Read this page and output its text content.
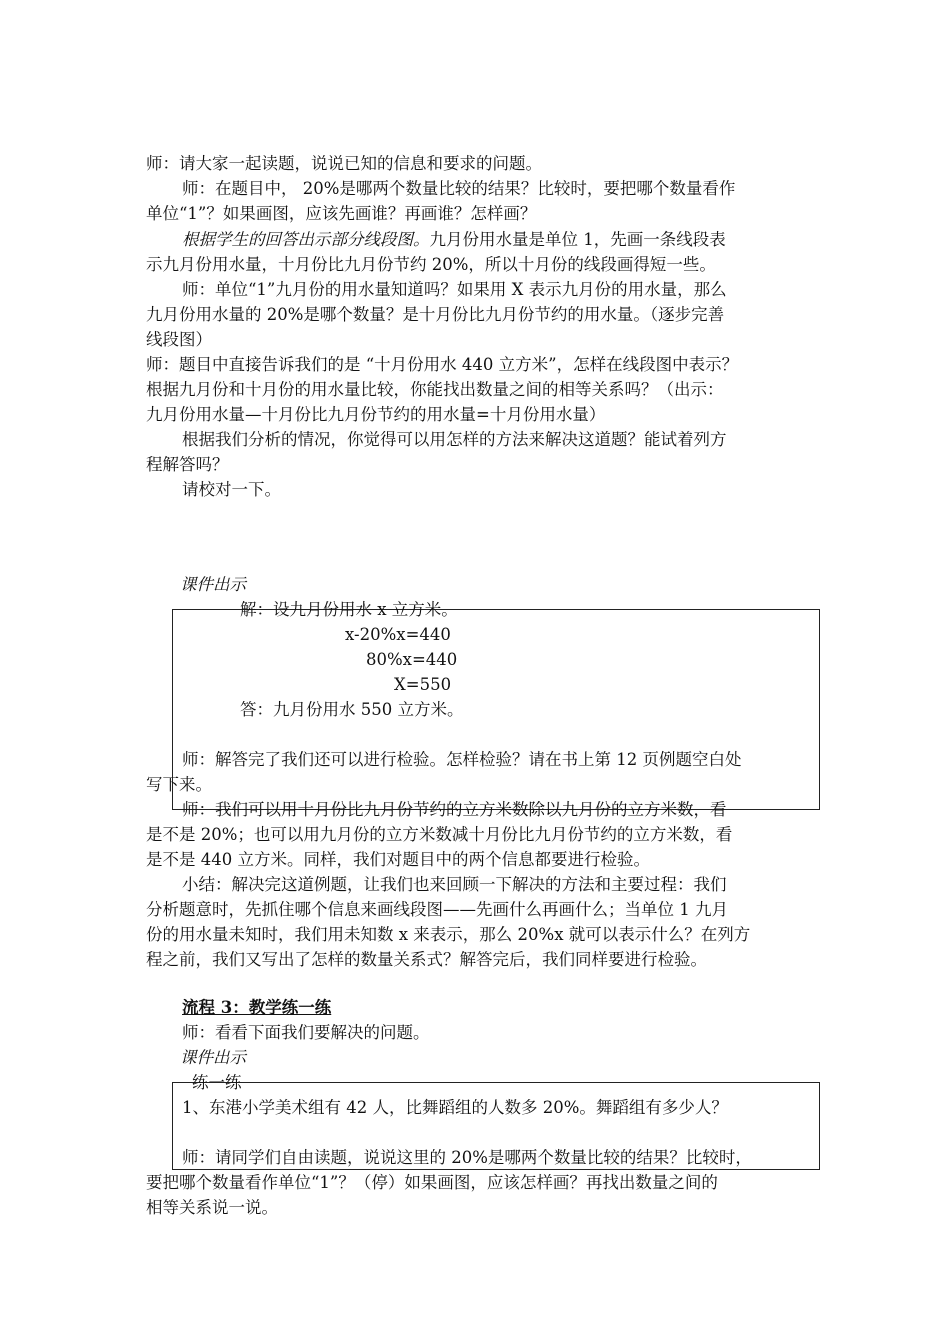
师：请大家一起读题，说说已知的信息和要求的问题。
师：在题目中， 20%是哪两个数量比较的结果？比较时，要把哪个数量看作
单位“1”？如果画图，应该先画谁？再画谁？怎样画？
根据学生的回答出示部分线段图。九月份用水量是单位 1，先画一条线段表
示九月份用水量，十月份比九月份节约 20%，所以十月份的线段画得短一些。
师：单位“1”九月份的用水量知道吗？如果用 X 表示九月份的用水量，那么
九月份用水量的 20%是哪个数量？是十月份比九月份节约的用水量。（逐步完善
线段图）
师：题目中直接告诉我们的是 “十月份用水 440 立方米”，怎样在线段图中表示？
根据九月份和十月份的用水量比较，你能找出数量之间的相等关系吗？（出示：
九月份用水量—十月份比九月份节约的用水量=十月份用水量）
根据我们分析的情况，你觉得可以用怎样的方法来解决这道题？能试着列方
程解答吗？
请校对一下。
课件出示
解：设九月份用水 x 立方米。
x-20%x=440
80%x=440
X=550
答：九月份用水 550 立方米。
师：解答完了我们还可以进行检验。怎样检验？请在书上第 12 页例题空白处
写下来。
师：我们可以用十月份比九月份节约的立方米数除以九月份的立方米数，看
是不是 20%；也可以用九月份的立方米数减十月份比九月份节约的立方米数，看
是不是 440 立方米。同样，我们对题目中的两个信息都要进行检验。
小结：解决完这道例题，让我们也来回顾一下解决的方法和主要过程：我们
分析题意时，先抓住哪个信息来画线段图——先画什么再画什么；当单位 1 九月
份的用水量未知时，我们用未知数 x 来表示，那么 20%x 就可以表示什么？在列方
程之前，我们又写出了怎样的数量关系式？解答完后，我们同样要进行检验。
流程 3：教学练一练
师：看看下面我们要解决的问题。
课件出示
练一练
1、东港小学美术组有 42 人，比舞蹈组的人数多 20%。舞蹈组有多少人？
师：请同学们自由读题，说说这里的 20%是哪两个数量比较的结果？比较时，
要把哪个数量看作单位“1”？（停）如果画图，应该怎样画？再找出数量之间的
相等关系说一说。
